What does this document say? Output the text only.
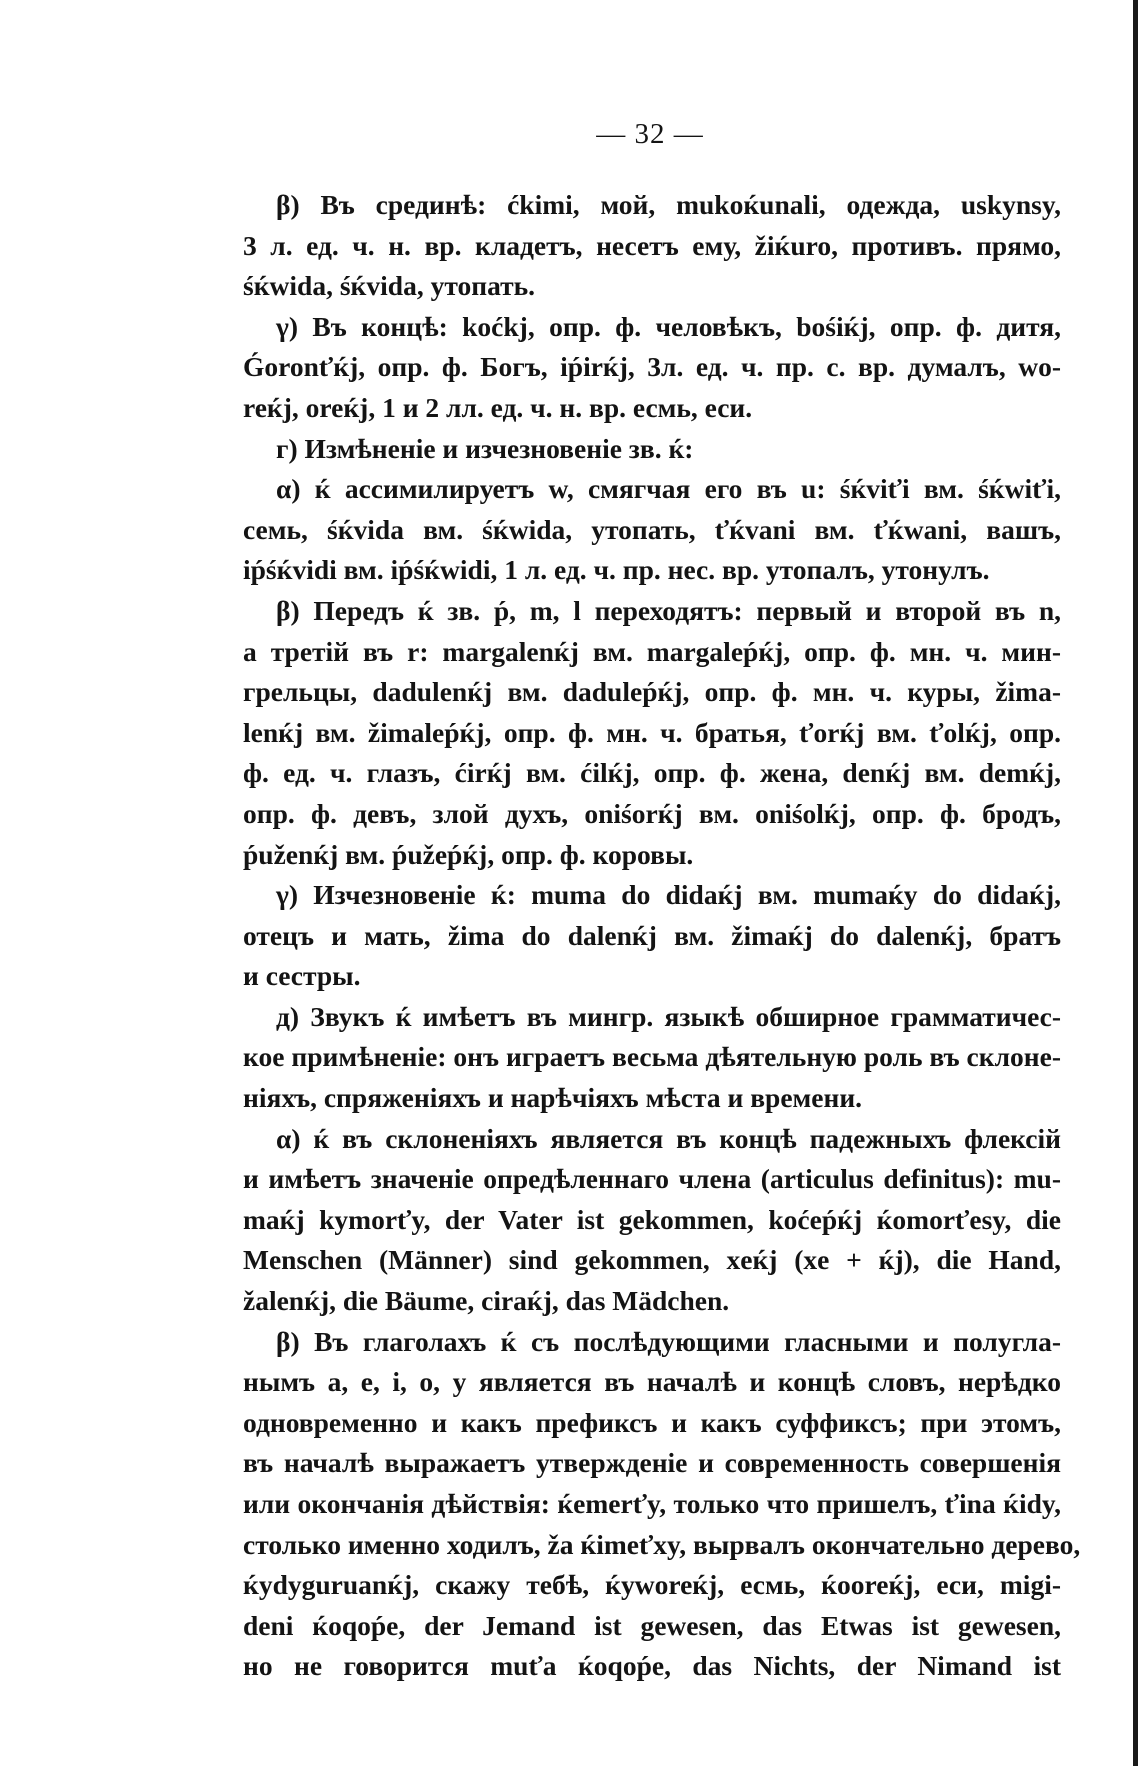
— 32 —
β) Въ срединѣ: ćkimi, мой, mukoќunali, одежда, uskynsy,
3 л. ед. ч. н. вр. кладетъ, несетъ ему, žiќuro, противъ. прямо,
śќwida, śќvida, утопать.
γ) Въ концѣ: koćkj, опр. ф. человѣкъ, bośiќj, опр. ф. дитя,
Ǵoronťќj, опр. ф. Богъ, iṕirќj, 3л. ед. ч. пр. с. вр. думалъ, wo-
reќj, oreќj, 1 и 2 лл. ед. ч. н. вр. есмь, еси.
г) Измѣненіе и изчезновеніе зв. ќ:
α) ќ ассимилируетъ w, смягчая его въ u: śќviťi вм. śќwiťi,
семь, śќvida вм. śќwida, утопать, ťќvani вм. ťќwani, вашъ,
iṕśќvidi вм. iṕśќwidi, 1 л. ед. ч. пр. нес. вр. утопалъ, утонулъ.
β) Передъ ќ зв. ṕ, m, l переходятъ: первый и второй въ n,
а третій въ r: margalenќj вм. margaleṕќj, опр. ф. мн. ч. мин-
грельцы, dadulenќj вм. daduleṕќj, опр. ф. мн. ч. куры, žima-
lenќj вм. žimaleṕќj, опр. ф. мн. ч. братья, ťorќj вм. ťolќj, опр.
ф. ед. ч. глазъ, ćirќj вм. ćilќj, опр. ф. жена, denќj вм. demќj,
опр. ф. девъ, злой духъ, oniśorќj вм. oniśolќj, опр. ф. бродъ,
ṕuženќj вм. ṕužeṕќj, опр. ф. коровы.
γ) Изчезновеніе ќ: muma do didaќj вм. mumaќy do didaќj,
отецъ и мать, žima do dalenќj вм. žimaќj do dalenќj, братъ
и сестры.
д) Звукъ ќ имѣетъ въ мингр. языкѣ обширное грамматичес-
кое примѣненіе: онъ играетъ весьма дѣятельную роль въ склоне-
ніяхъ, спряженіяхъ и нарѣчіяхъ мѣста и времени.
α) ќ въ склоненіяхъ является въ концѣ падежныхъ флексій
и имѣетъ значеніе опредѣленнаго члена (articulus definitus): mu-
maќj kymorťy, der Vater ist gekommen, koćeṕќj ќomorťesy, die
Menschen (Männer) sind gekommen, xeќj (xe + ќj), die Hand,
žalenќj, die Bäume, ciraќj, das Mädchen.
β) Въ глаголахъ ќ съ послѣдующими гласными и полугла-
нымъ a, e, i, o, y является въ началѣ и концѣ словъ, нерѣдко
одновременно и какъ префиксъ и какъ суффиксъ; при этомъ,
въ началѣ выражаетъ утвержденіе и современность совершенія
или окончанія дѣйствія: ќemerťy, только что пришелъ, ťina ќidy,
столько именно ходилъ, ža ќimeťxy, вырвалъ окончательно дерево,
ќydyguruanќj, скажу тебѣ, ќyworeќj, есмь, ќooreќj, еси, migi-
deni ќoqoṕe, der Jemand ist gewesen, das Etwas ist gewesen,
но не говорится muťa ќoqoṕe, das Nichts, der Nimand ist
